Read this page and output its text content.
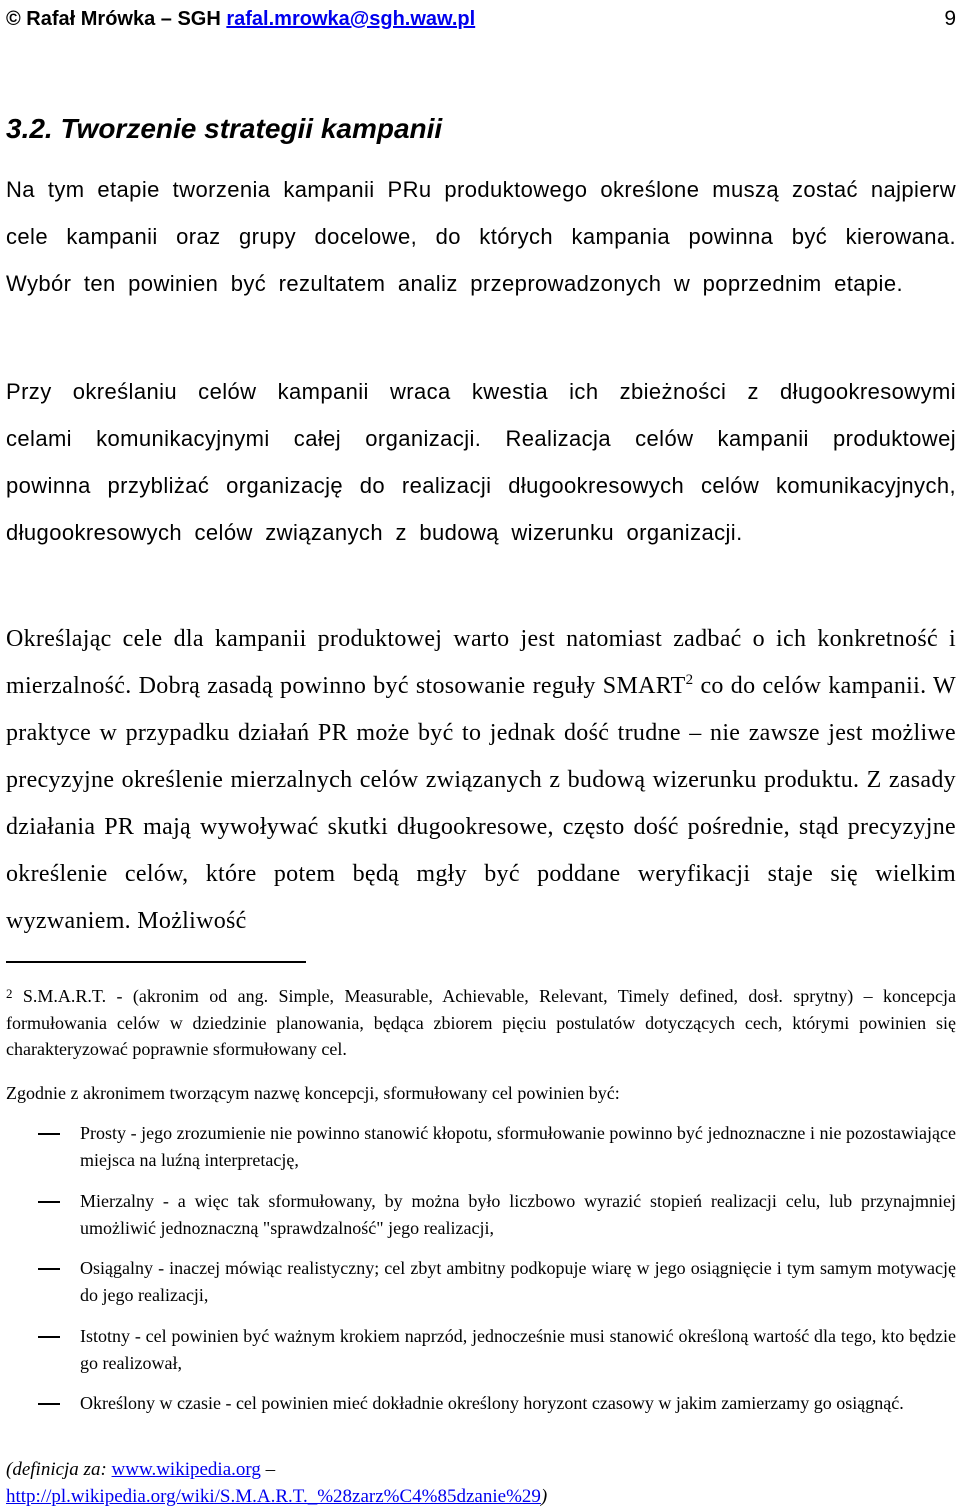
© Rafał Mrówka – SGH rafal.mrowka@sgh.waw.pl	9
3.2. Tworzenie strategii kampanii

Na tym etapie tworzenia kampanii PRu produktowego określone muszą zostać najpierw cele kampanii oraz grupy docelowe, do których kampania powinna być kierowana. Wybór ten powinien być rezultatem analiz przeprowadzonych w poprzednim etapie.

Przy określaniu celów kampanii wraca kwestia ich zbieżności z długookresowymi celami komunikacyjnymi całej organizacji. Realizacja celów kampanii produktowej powinna przybliżać organizację do realizacji długookresowych celów komunikacyjnych, długookresowych celów związanych z budową wizerunku organizacji.

Określając cele dla kampanii produktowej warto jest natomiast zadbać o ich konkretność i mierzalność. Dobrą zasadą powinno być stosowanie reguły SMART$^2$ co do celów kampanii. W praktyce w przypadku działań PR może być to jednak dość trudne – nie zawsze jest możliwe precyzyjne określenie mierzalnych celów związanych z budową wizerunku produktu. Z zasady działania PR mają wywoływać skutki długookresowe, często dość pośrednie, stąd precyzyjne określenie celów, które potem będą mgły być poddane weryfikacji staje się wielkim wyzwaniem. Możliwość

$^2$ S.M.A.R.T. - (akronim od ang. Simple, Measurable, Achievable, Relevant, Timely defined, dosł. sprytny) – koncepcja formułowania celów w dziedzinie planowania, będąca zbiorem pięciu postulatów dotyczących cech, którymi powinien się charakteryzować poprawnie sformułowany cel.

Zgodnie z akronimem tworzącym nazwę koncepcji, sformułowany cel powinien być:

Prosty - jego zrozumienie nie powinno stanowić kłopotu, sformułowanie powinno być jednoznaczne i nie pozostawiające miejsca na luźną interpretację,

Mierzalny - a więc tak sformułowany, by można było liczbowo wyrazić stopień realizacji celu, lub przynajmniej umożliwić jednoznaczną "sprawdzalność" jego realizacji,

Osiągalny - inaczej mówiąc realistyczny; cel zbyt ambitny podkopuje wiarę w jego osiągnięcie i tym samym motywację do jego realizacji,

Istotny - cel powinien być ważnym krokiem naprzód, jednocześnie musi stanowić określoną wartość dla tego, kto będzie go realizował,

Określony w czasie - cel powinien mieć dokładnie określony horyzont czasowy w jakim zamierzamy go osiągnąć.

(definicja za: www.wikipedia.org –
http://pl.wikipedia.org/wiki/S.M.A.R.T._%28zarz%C4%85dzanie%29)
